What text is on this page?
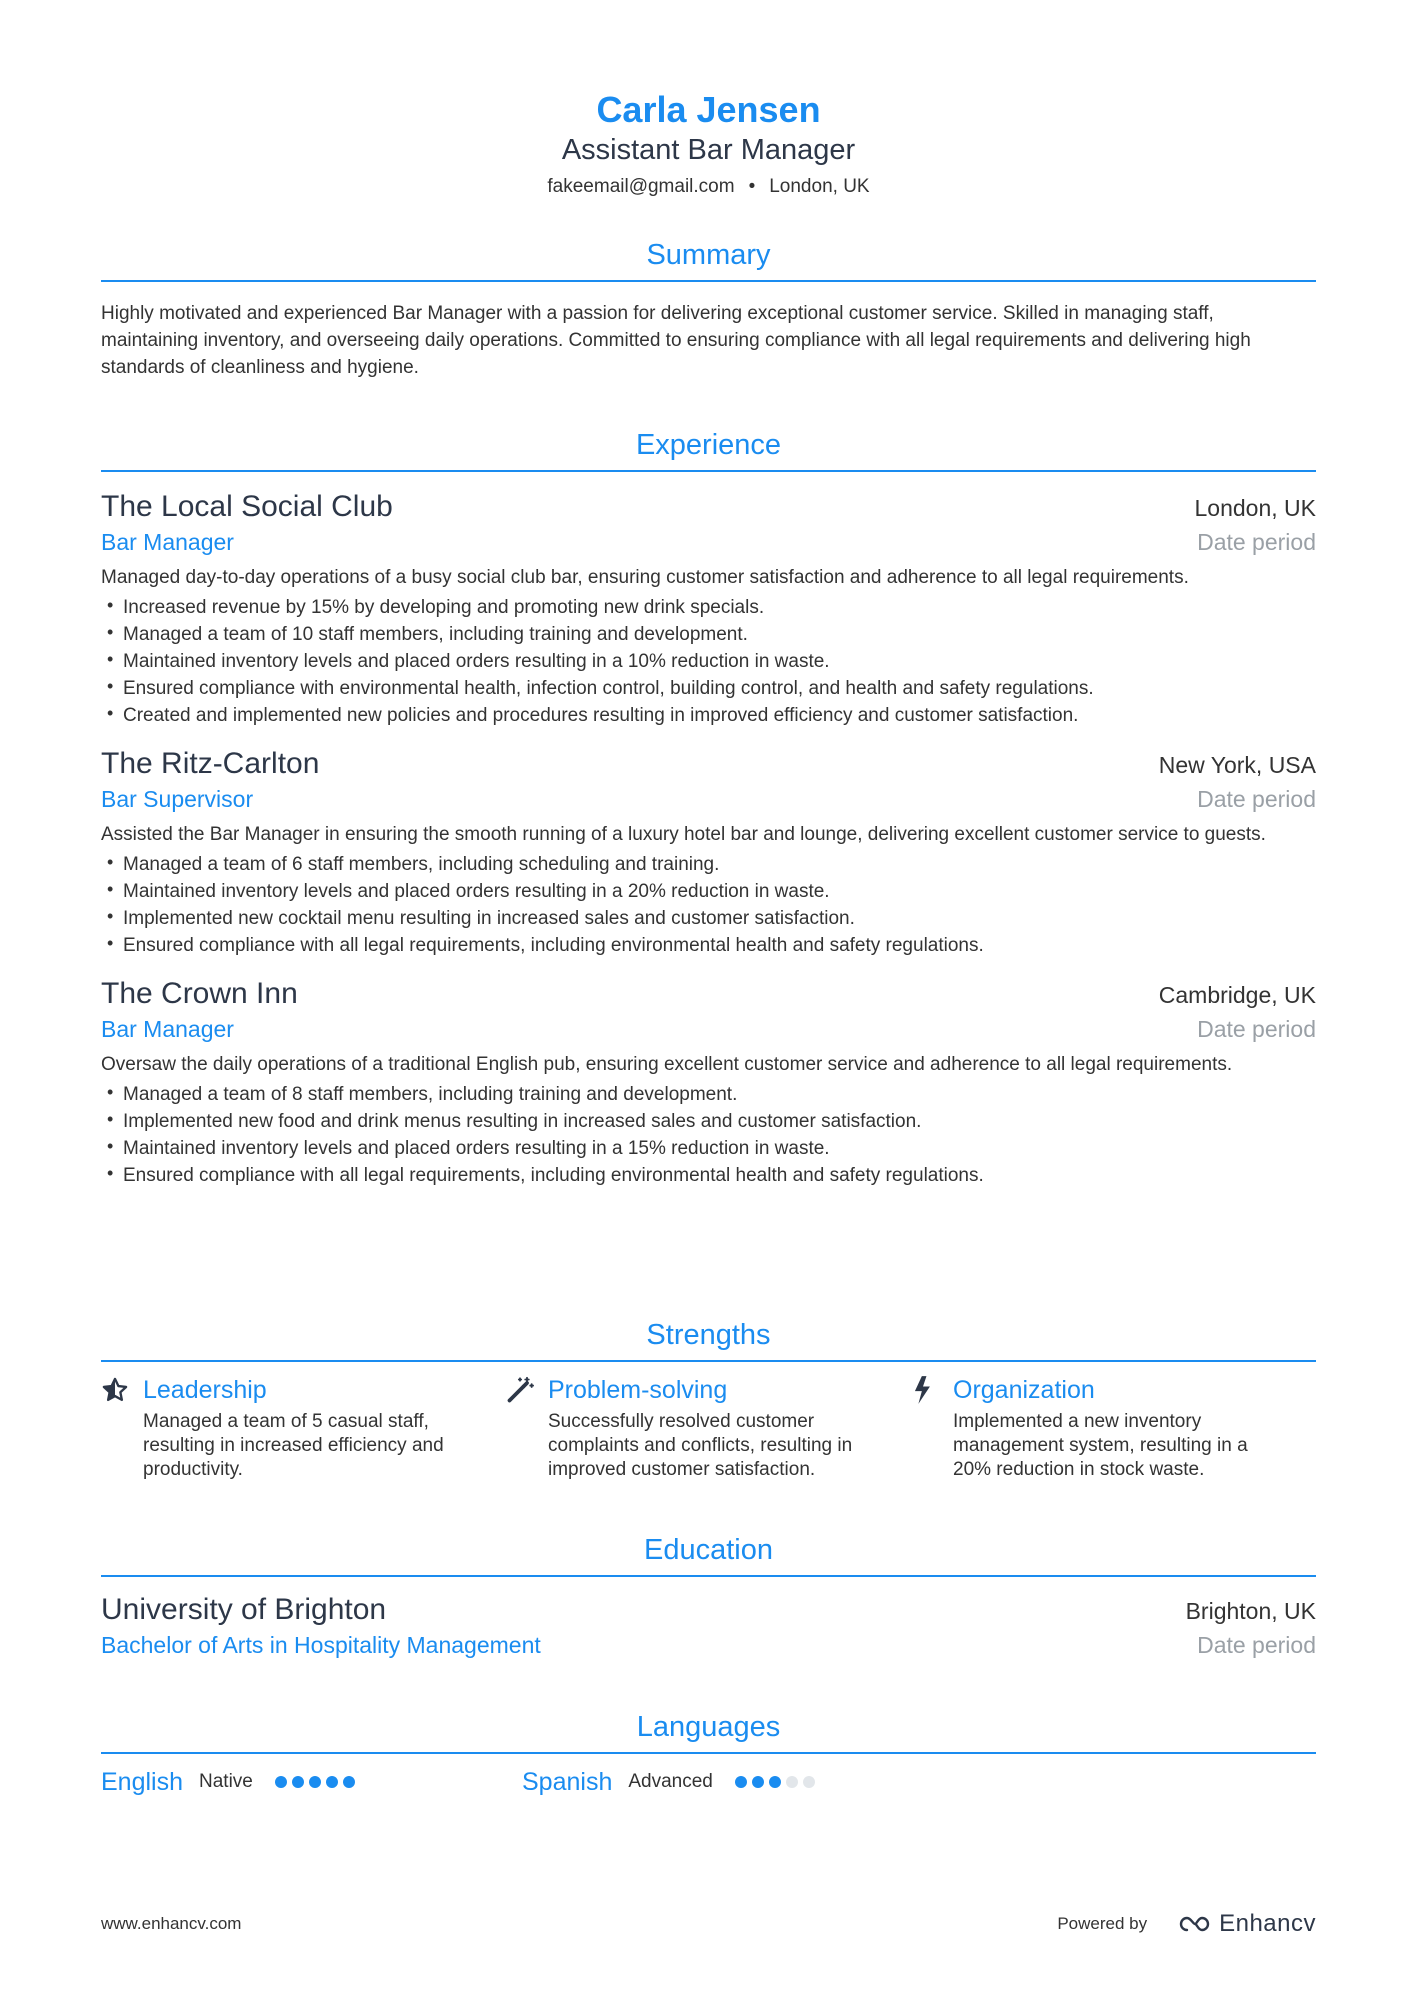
Carla Jensen
Assistant Bar Manager
fakeemail@gmail.com • London, UK
Summary

Highly motivated and experienced Bar Manager with a passion for delivering exceptional customer service. Skilled in managing staff, maintaining inventory, and overseeing daily operations. Committed to ensuring compliance with all legal requirements and delivering high standards of cleanliness and hygiene.

Experience
The Local Social Club	London, UK
Bar Manager	Date period
Managed day-to-day operations of a busy social club bar, ensuring customer satisfaction and adherence to all legal requirements.
• Increased revenue by 15% by developing and promoting new drink specials.
• Managed a team of 10 staff members, including training and development.
• Maintained inventory levels and placed orders resulting in a 10% reduction in waste.
• Ensured compliance with environmental health, infection control, building control, and health and safety regulations.
• Created and implemented new policies and procedures resulting in improved efficiency and customer satisfaction.
The Ritz-Carlton	New York, USA
Bar Supervisor	Date period
Assisted the Bar Manager in ensuring the smooth running of a luxury hotel bar and lounge, delivering excellent customer service to guests.
• Managed a team of 6 staff members, including scheduling and training.
• Maintained inventory levels and placed orders resulting in a 20% reduction in waste.
• Implemented new cocktail menu resulting in increased sales and customer satisfaction.
• Ensured compliance with all legal requirements, including environmental health and safety regulations.
The Crown Inn	Cambridge, UK
Bar Manager	Date period
Oversaw the daily operations of a traditional English pub, ensuring excellent customer service and adherence to all legal requirements.
• Managed a team of 8 staff members, including training and development.
• Implemented new food and drink menus resulting in increased sales and customer satisfaction.
• Maintained inventory levels and placed orders resulting in a 15% reduction in waste.
• Ensured compliance with all legal requirements, including environmental health and safety regulations.
Strengths
Leadership
Managed a team of 5 casual staff, resulting in increased efficiency and productivity.
Problem-solving
Successfully resolved customer complaints and conflicts, resulting in improved customer satisfaction.
Organization
Implemented a new inventory management system, resulting in a 20% reduction in stock waste.
Education
University of Brighton	Brighton, UK
Bachelor of Arts in Hospitality Management	Date period
Languages
English Native	Spanish Advanced
www.enhancv.com	Powered by	Enhancv
